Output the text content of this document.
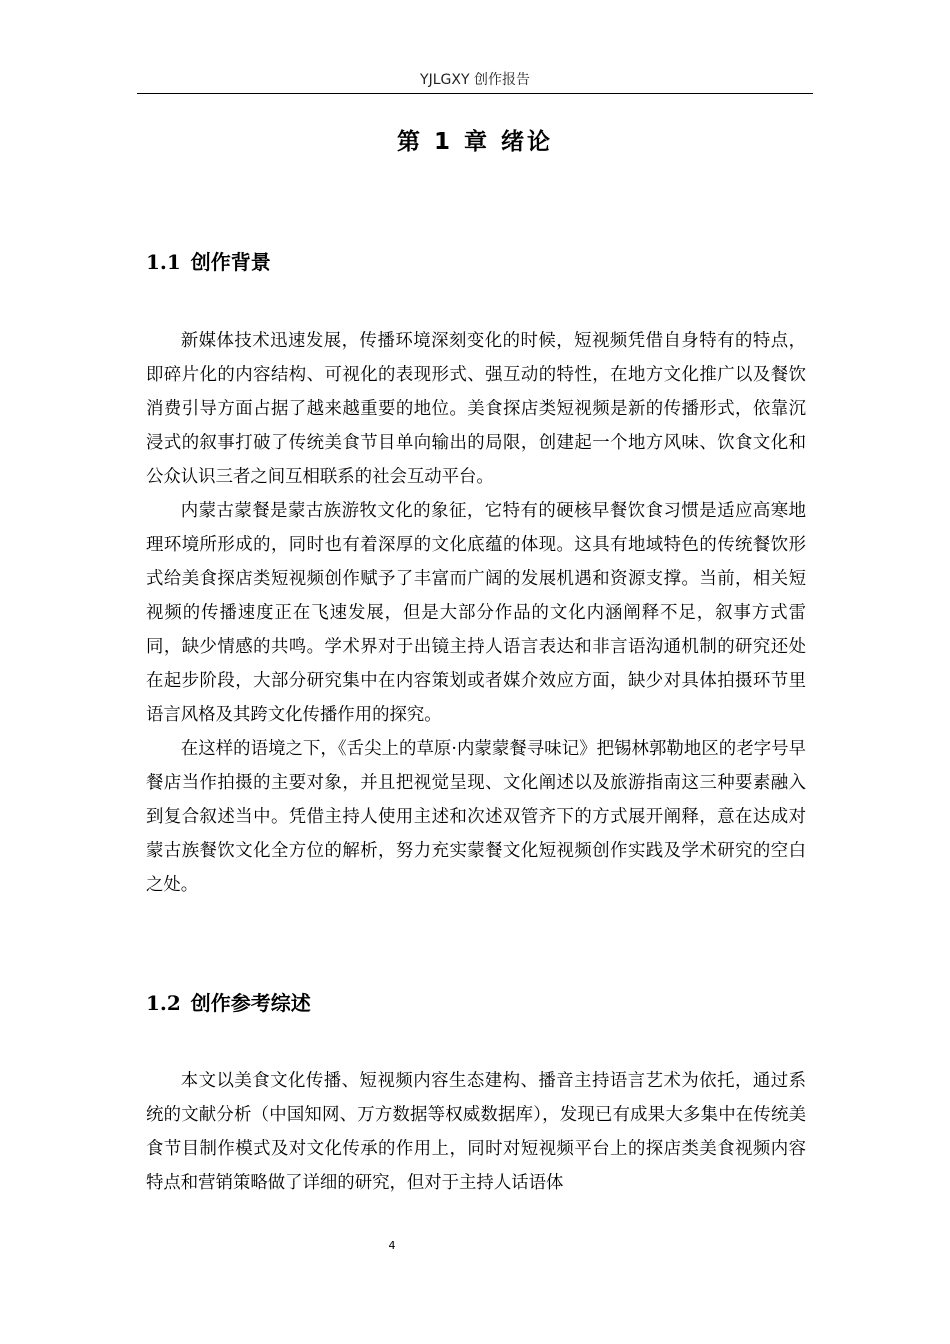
YJLGXY 创作报告
第 1 章 绪论
1.1 创作背景

新媒体技术迅速发展，传播环境深刻变化的时候，短视频凭借自身特有的特点，即碎片化的内容结构、可视化的表现形式、强互动的特性，在地方文化推广以及餐饮消费引导方面占据了越来越重要的地位。美食探店类短视频是新的传播形式，依靠沉浸式的叙事打破了传统美食节目单向输出的局限，创建起一个地方风味、饮食文化和公众认识三者之间互相联系的社会互动平台。

内蒙古蒙餐是蒙古族游牧文化的象征，它特有的硬核早餐饮食习惯是适应高寒地理环境所形成的，同时也有着深厚的文化底蕴的体现。这具有地域特色的传统餐饮形式给美食探店类短视频创作赋予了丰富而广阔的发展机遇和资源支撑。当前，相关短视频的传播速度正在飞速发展，但是大部分作品的文化内涵阐释不足，叙事方式雷同，缺少情感的共鸣。学术界对于出镜主持人语言表达和非言语沟通机制的研究还处在起步阶段，大部分研究集中在内容策划或者媒介效应方面，缺少对具体拍摄环节里语言风格及其跨文化传播作用的探究。

在这样的语境之下，《舌尖上的草原·内蒙蒙餐寻味记》把锡林郭勒地区的老字号早餐店当作拍摄的主要对象，并且把视觉呈现、文化阐述以及旅游指南这三种要素融入到复合叙述当中。凭借主持人使用主述和次述双管齐下的方式展开阐释，意在达成对蒙古族餐饮文化全方位的解析，努力充实蒙餐文化短视频创作实践及学术研究的空白之处。

1.2 创作参考综述

本文以美食文化传播、短视频内容生态建构、播音主持语言艺术为依托，通过系统的文献分析（中国知网、万方数据等权威数据库），发现已有成果大多集中在传统美食节目制作模式及对文化传承的作用上，同时对短视频平台上的探店类美食视频内容特点和营销策略做了详细的研究，但对于主持人话语体

4
